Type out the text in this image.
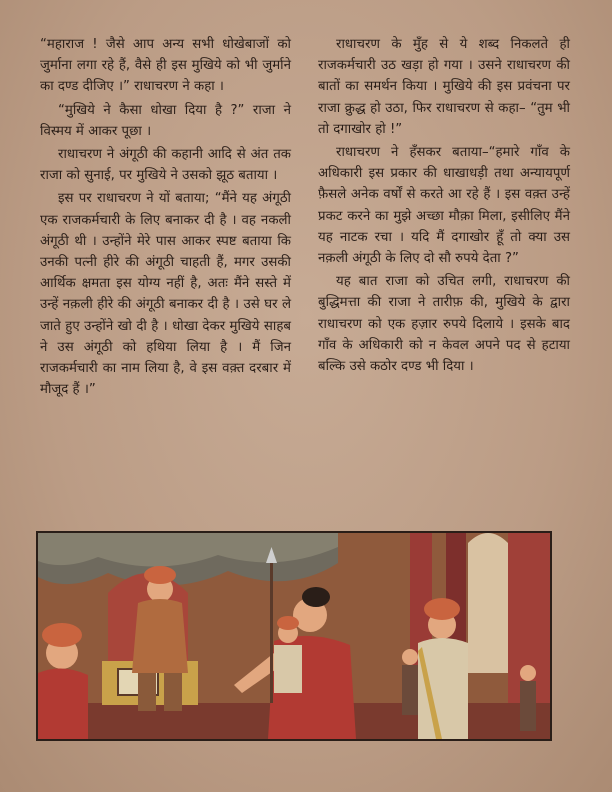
“महाराज ! जैसे आप अन्य सभी धोखेबाजों को जुर्माना लगा रहे हैं, वैसे ही इस मुखिये को भी जुर्माने का दण्ड दीजिए ।” राधाचरण ने कहा ।

“मुखिये ने कैसा धोखा दिया है ?” राजा ने विस्मय में आकर पूछा ।

राधाचरण ने अंगूठी की कहानी आदि से अंत तक राजा को सुनाई, पर मुखिये ने उसको झूठ बताया ।

इस पर राधाचरण ने यों बताया; “मैंने यह अंगूठी एक राजकर्मचारी के लिए बनाकर दी है । वह नकली अंगूठी थी । उन्होंने मेरे पास आकर स्पष्ट बताया कि उनकी पत्नी हीरे की अंगूठी चाहती हैं, मगर उसकी आर्थिक क्षमता इस योग्य नहीं है, अतः मैंने सस्ते में उन्हें नक़ली हीरे की अंगूठी बनाकर दी है । उसे घर ले जाते हुए उन्होंने खो दी है । धोखा देकर मुखिये साहब ने उस अंगूठी को हथिया लिया है । मैं जिन राजकर्मचारी का नाम लिया है, वे इस वक़्त दरबार में मौजूद हैं ।”

राधाचरण के मुँह से ये शब्द निकलते ही राजकर्मचारी उठ खड़ा हो गया । उसने राधाचरण की बातों का समर्थन किया । मुखिये की इस प्रवंचना पर राजा क्रुद्ध हो उठा, फिर राधाचरण से कहा– “तुम भी तो दगाखोर हो !”

राधाचरण ने हँसकर बताया–“हमारे गाँव के अधिकारी इस प्रकार की धाखाधड़ी तथा अन्यायपूर्ण फ़ैसले अनेक वर्षों से करते आ रहे हैं । इस वक़्त उन्हें प्रकट करने का मुझे अच्छा मौक़ा मिला, इसीलिए मैंने यह नाटक रचा । यदि मैं दगाखोर हूँ तो क्या उस नक़ली अंगूठी के लिए दो सौ रुपये देता ?”

यह बात राजा को उचित लगी, राधाचरण की बुद्धिमत्ता की राजा ने तारीफ़ की, मुखिये के द्वारा राधाचरण को एक हज़ार रुपये दिलाये । इसके बाद गाँव के अधिकारी को न केवल अपने पद से हटाया बल्कि उसे कठोर दण्ड भी दिया ।
